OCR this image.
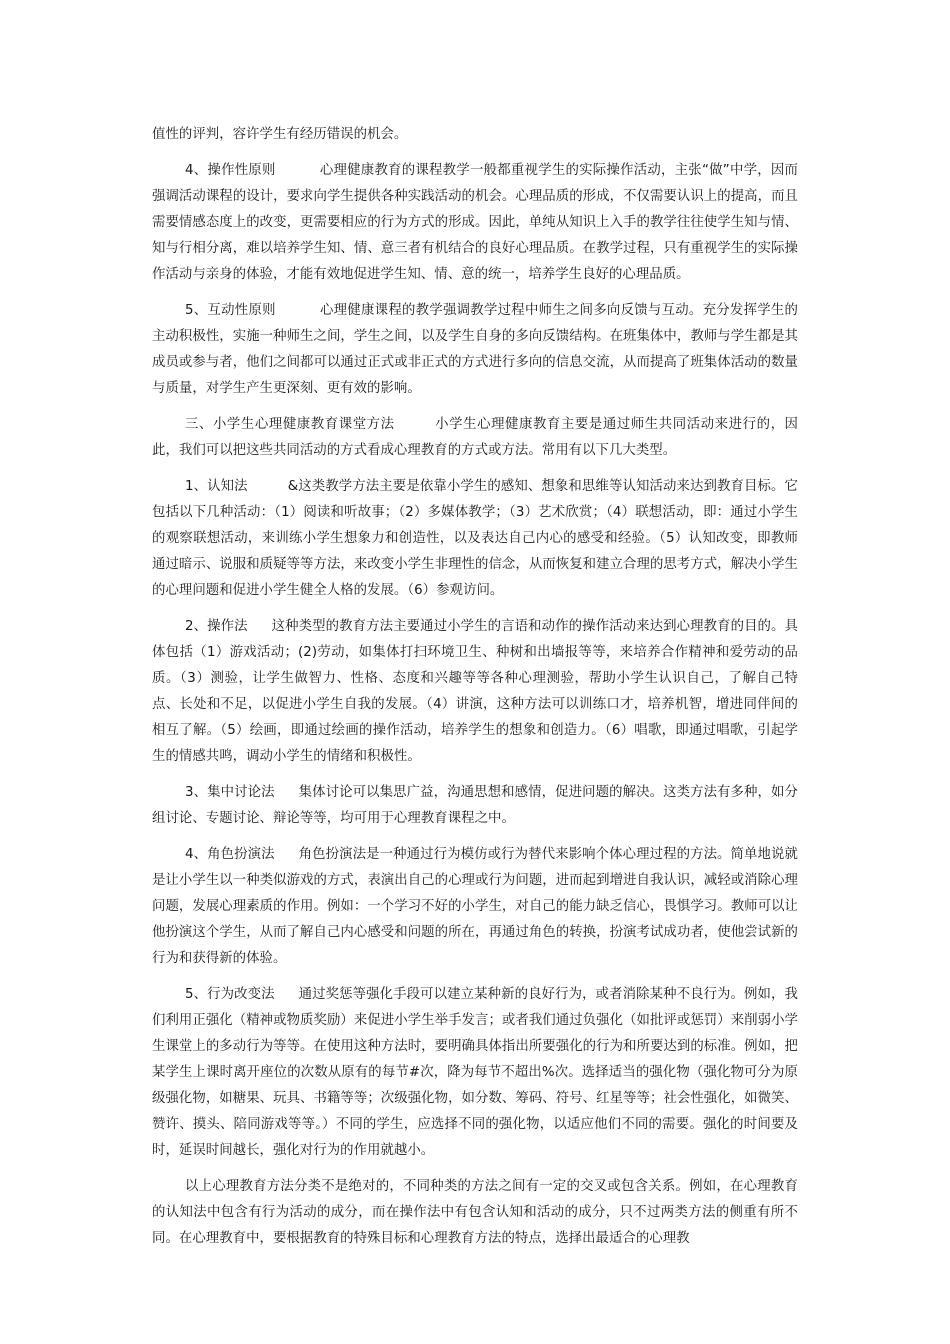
值性的评判，容许学生有经历错误的机会。

4、操作性原则	心理健康教育的课程教学一般都重视学生的实际操作活动，主张“做”中学，因而强调活动课程的设计，要求向学生提供各种实践活动的机会。心理品质的形成，不仅需要认识上的提高，而且需要情感态度上的改变，更需要相应的行为方式的形成。因此，单纯从知识上入手的教学往往使学生知与情、知与行相分离，难以培养学生知、情、意三者有机结合的良好心理品质。在教学过程，只有重视学生的实际操作活动与亲身的体验，才能有效地促进学生知、情、意的统一，培养学生良好的心理品质。

5、互动性原则	心理健康课程的教学强调教学过程中师生之间多向反馈与互动。充分发挥学生的主动积极性，实施一种师生之间，学生之间，以及学生自身的多向反馈结构。在班集体中，教师与学生都是其成员或参与者，他们之间都可以通过正式或非正式的方式进行多向的信息交流，从而提高了班集体活动的数量与质量，对学生产生更深刻、更有效的影响。

三、小学生心理健康教育课堂方法	小学生心理健康教育主要是通过师生共同活动来进行的，因此，我们可以把这些共同活动的方式看成心理教育的方式或方法。常用有以下几大类型。

1、认知法	&这类教学方法主要是依靠小学生的感知、想象和思维等认知活动来达到教育目标。它包括以下几种活动：（1）阅读和听故事；（2）多媒体教学；（3）艺术欣赏；（4）联想活动，即：通过小学生的观察联想活动，来训练小学生想象力和创造性，以及表达自己内心的感受和经验。（5）认知改变，即教师通过暗示、说服和质疑等等方法，来改变小学生非理性的信念，从而恢复和建立合理的思考方式，解决小学生的心理问题和促进小学生健全人格的发展。（6）参观访问。

2、操作法 这种类型的教育方法主要通过小学生的言语和动作的操作活动来达到心理教育的目的。具体包括（1）游戏活动；(2)劳动，如集体打扫环境卫生、种树和出墙报等等，来培养合作精神和爱劳动的品质。（3）测验，让学生做智力、性格、态度和兴趣等等各种心理测验，帮助小学生认识自己，了解自己特点、长处和不足，以促进小学生自我的发展。（4）讲演，这种方法可以训练口才，培养机智，增进同伴间的相互了解。（5）绘画，即通过绘画的操作活动，培养学生的想象和创造力。（6）唱歌，即通过唱歌，引起学生的情感共鸣，调动小学生的情绪和积极性。

3、集中讨论法 集体讨论可以集思广益，沟通思想和感情，促进问题的解决。这类方法有多种，如分组讨论、专题讨论、辩论等等，均可用于心理教育课程之中。

4、角色扮演法 角色扮演法是一种通过行为模仿或行为替代来影响个体心理过程的方法。简单地说就是让小学生以一种类似游戏的方式，表演出自己的心理或行为问题，进而起到增进自我认识，减轻或消除心理问题，发展心理素质的作用。例如：一个学习不好的小学生，对自己的能力缺乏信心，畏惧学习。教师可以让他扮演这个学生，从而了解自己内心感受和问题的所在，再通过角色的转换，扮演考试成功者，使他尝试新的行为和获得新的体验。

5、行为改变法 通过奖惩等强化手段可以建立某种新的良好行为，或者消除某种不良行为。例如，我们利用正强化（精神或物质奖励）来促进小学生举手发言；或者我们通过负强化（如批评或惩罚）来削弱小学生课堂上的多动行为等等。在使用这种方法时，要明确具体指出所要强化的行为和所要达到的标准。例如，把某学生上课时离开座位的次数从原有的每节#次，降为每节不超出%次。选择适当的强化物（强化物可分为原级强化物，如糖果、玩具、书籍等等；次级强化物，如分数、筹码、符号、红星等等；社会性强化，如微笑、赞许、摸头、陪同游戏等等。）不同的学生，应选择不同的强化物，以适应他们不同的需要。强化的时间要及时，延误时间越长，强化对行为的作用就越小。

以上心理教育方法分类不是绝对的，不同种类的方法之间有一定的交叉或包含关系。例如，在心理教育的认知法中包含有行为活动的成分，而在操作法中有包含认知和活动的成分，只不过两类方法的侧重有所不同。在心理教育中，要根据教育的特殊目标和心理教育方法的特点，选择出最适合的心理教
